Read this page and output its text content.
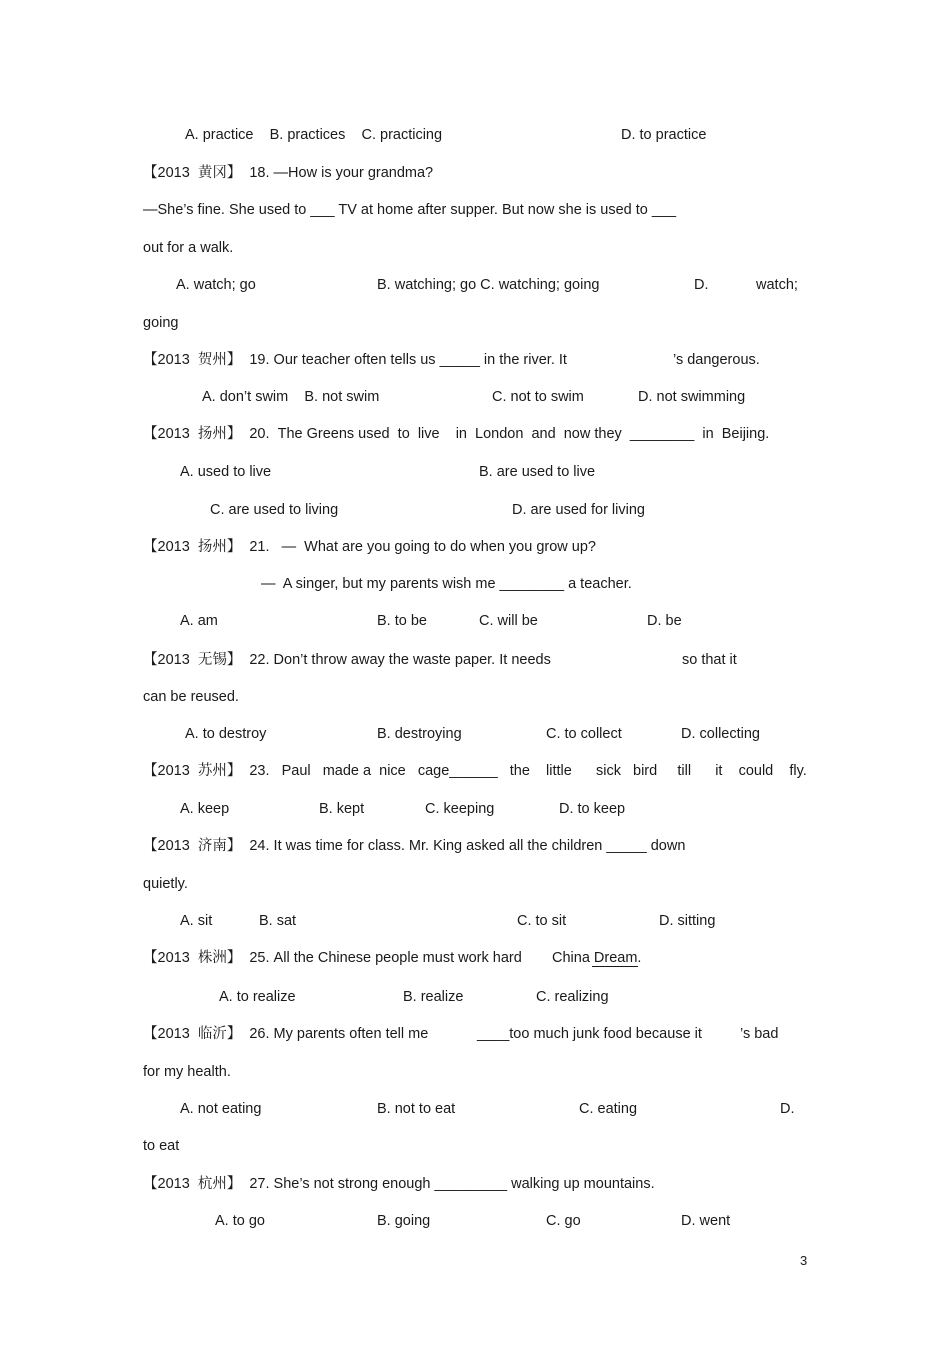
A. practice    B. practices    C. practicing	D. to practice
【2013  黄冈】  18. —How is your grandma?
—She’s fine. She used to ___ TV at home after supper. But now she is used to ___
out for a walk.
A. watch; go	B. watching; go C. watching; going	D.	watch;
going
【2013  贺州】  19. Our teacher often tells us _____ in the river. It	’s dangerous.
A. don’t swim    B. not swim	C. not to swim	D. not swimming
【2013  扬州】  20.  The Greens used  to  live    in  London  and  now they  ________  in  Beijing.
A. used to live	B. are used to live
C. are used to living	D. are used for living
【2013  扬州】  21.   —  What are you going to do when you grow up?
—  A singer, but my parents wish me ________ a teacher.
A. am	B. to be	C. will be	D. be
【2013  无锡】  22. Don’t throw away the waste paper. It needs	so that it
can be reused.
A. to destroy	B. destroying	C. to collect	D. collecting
【2013  苏州】  23.   Paul   made a  nice   cage______   the    little      sick   bird     till      it    could    fly.
A. keep	B. kept	C. keeping	D. to keep
【2013  济南】  24. It was time for class. Mr. King asked all the children _____ down
quietly.
A. sit	B. sat	C. to sit	D. sitting
【2013  株洲】  25. All the Chinese people must work hard China Dream.
A. to realize	B. realize	C. realizing
【2013  临沂】  26. My parents often tell me	____too much junk food because it	’s bad
for my health.
A. not eating	B. not to eat	C. eating	D.
to eat
【2013  杭州】  27. She’s not strong enough _________ walking up mountains.
A. to go	B. going	C. go	D. went
3
